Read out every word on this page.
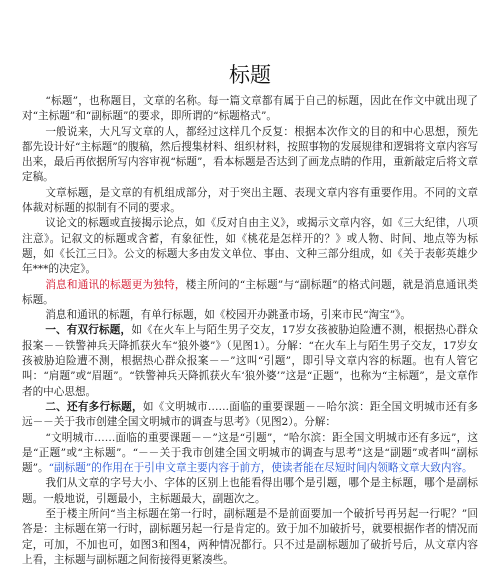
标题

“标题”，也称题目，文章的名称。每一篇文章都有属于自己的标题，因此在作文中就出现了对“主标题”和“副标题”的要求，即所谓的“标题格式”。

一般说来，大凡写文章的人，都经过这样几个反复：根据本次作文的目的和中心思想，预先都先设计好“主标题”的腹稿，然后搜集材料、组织材料，按照事物的发展规律和逻辑将文章内容写出来，最后再依据所写内容审视“标题”，看本标题是否达到了画龙点睛的作用，重新敲定后将文章定稿。

文章标题，是文章的有机组成部分，对于突出主题、表现文章内容有重要作用。不同的文章体裁对标题的拟制有不同的要求。

议论文的标题或直接揭示论点，如《反对自由主义》，或揭示文章内容，如《三大纪律，八项注意》。记叙文的标题或含蓄，有象征性，如《桃花是怎样开的？》或人物、时间、地点等为标题，如《长江三日》。公文的标题大多由发文单位、事由、文种三部分组成，如《关于表彰英雄少年***的决定》。

消息和通讯的标题更为独特，楼主所问的“主标题”与“副标题”的格式问题，就是消息通讯类标题。

消息和通讯的标题，有单行标题，如《校园开办跳蚤市场，引来市民“淘宝”》。

一、有双行标题，如《在火车上与陌生男子交友，17岁女孩被胁迫险遭不测，根据热心群众报案－－铁警神兵天降抓获火车“狼外婆”》（见图1）。分解：“在火车上与陌生男子交友，17岁女孩被胁迫险遭不测，根据热心群众报案－－”这叫“引题”，即引导文章内容的标题。也有人管它叫：“肩题”或“眉题”。“铁警神兵天降抓获火车‘狼外婆’”这是“正题”，也称为“主标题”，是文章作者的中心思想。

二、还有多行标题，如《文明城市……面临的重要课题－－哈尔滨：距全国文明城市还有多远－－关于我市创建全国文明城市的调查与思考》（见图2）。分解：

“文明城市……面临的重要课题－－”这是“引题”，“哈尔滨：距全国文明城市还有多远”，这是“正题”或“主标题”。“－－关于我市创建全国文明城市的调查与思考”这是“副题”或者叫“副标题”。“副标题”的作用在于引申文章主要内容于前方，使读者能在尽短时间内领略文章大致内容。

我们从文章的字号大小、字体的区别上也能看得出哪个是引题，哪个是主标题，哪个是副标题。一般地说，引题最小，主标题最大，副题次之。

至于楼主所问“当主标题在第一行时，副标题是不是前面要加一个破折号再另起一行呢？”回答是：主标题在第一行时，副标题另起一行是肯定的。致于加不加破折号，就要根据作者的情况而定，可加，不加也可，如图3和图4，两种情况都行。只不过是副标题加了破折号后，从文章内容上看，主标题与副标题之间衔接得更紧凑些。
